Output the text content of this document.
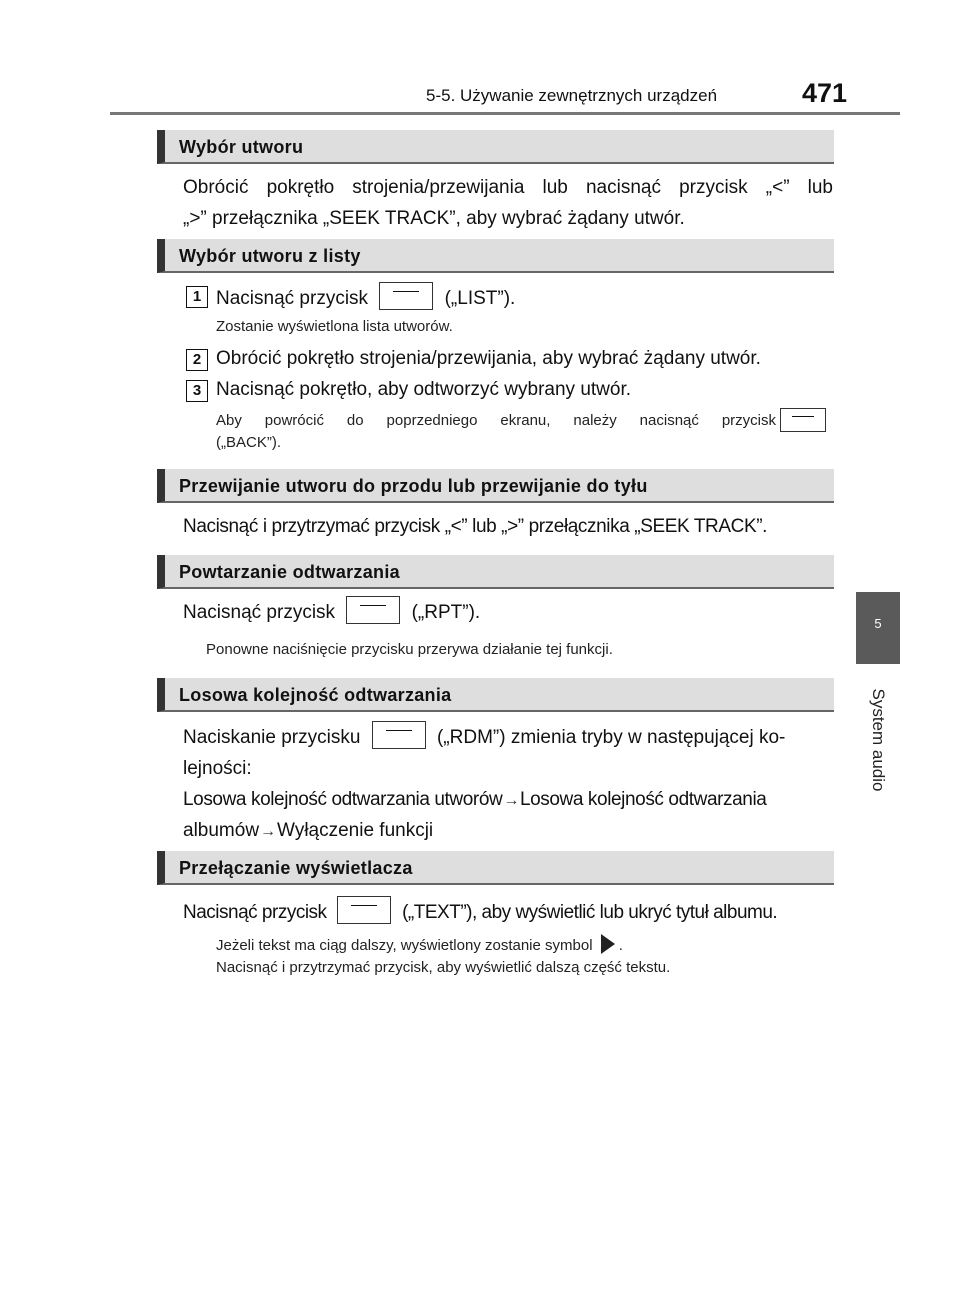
5-5. Używanie zewnętrznych urządzeń	471
5
System audio
Wybór utworu
Obrócić pokrętło strojenia/przewijania lub nacisnąć przycisk „<” lub
„>” przełącznika „SEEK TRACK”, aby wybrać żądany utwór.
Wybór utworu z listy
1 Nacisnąć przycisk	(„LIST”).
Zostanie wyświetlona lista utworów.
2 Obrócić pokrętło strojenia/przewijania, aby wybrać żądany utwór.
3 Nacisnąć pokrętło, aby odtworzyć wybrany utwór.
Aby powrócić do poprzedniego ekranu, należy nacisnąć przycisk
(„BACK”).
Przewijanie utworu do przodu lub przewijanie do tyłu
Nacisnąć i przytrzymać przycisk „<” lub „>” przełącznika „SEEK TRACK”.
Powtarzanie odtwarzania
Nacisnąć przycisk	(„RPT”).
Ponowne naciśnięcie przycisku przerywa działanie tej funkcji.
Losowa kolejność odtwarzania
Naciskanie przycisku	(„RDM”) zmienia tryby w następującej ko-
lejności:
Losowa kolejność odtwarzania utworów→Losowa kolejność odtwarzania
albumów→Wyłączenie funkcji
Przełączanie wyświetlacza
Nacisnąć przycisk	(„TEXT”), aby wyświetlić lub ukryć tytuł albumu.
Jeżeli tekst ma ciąg dalszy, wyświetlony zostanie symbol .
Nacisnąć i przytrzymać przycisk, aby wyświetlić dalszą część tekstu.
